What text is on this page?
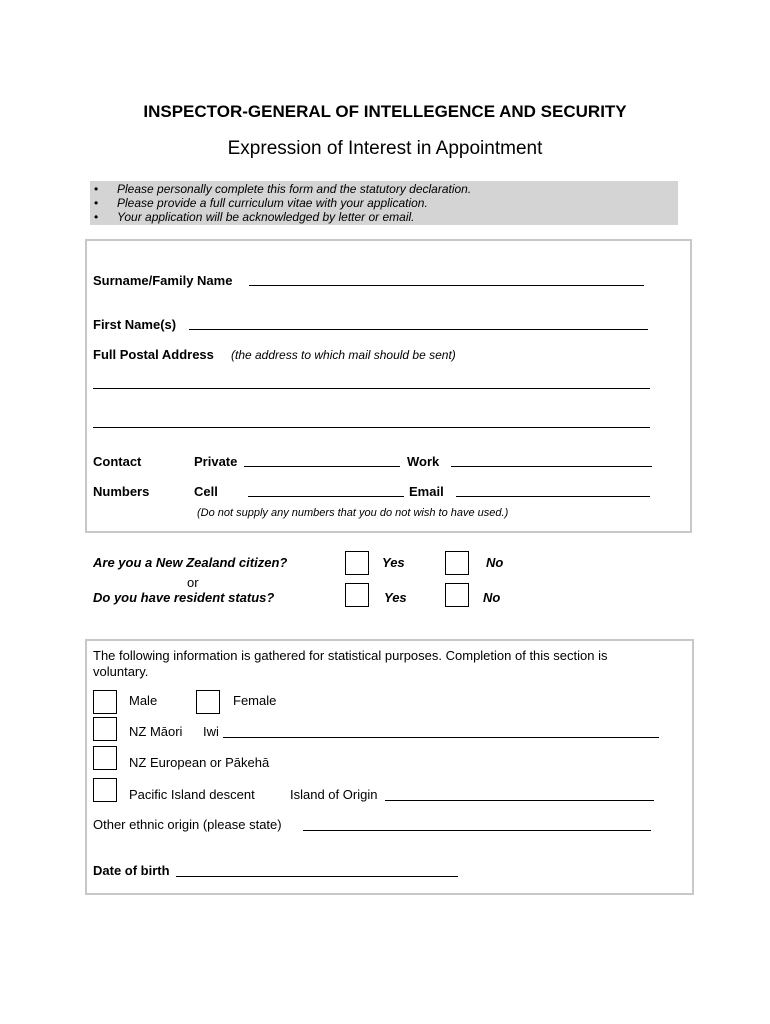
INSPECTOR-GENERAL OF INTELLEGENCE AND SECURITY
Expression of Interest in Appointment
• Please personally complete this form and the statutory declaration.
• Please provide a full curriculum vitae with your application.
• Your application will be acknowledged by letter or email.
Surname/Family Name
First Name(s)
Full Postal Address (the address to which mail should be sent)
Contact	Private	Work
Numbers	Cell	Email
(Do not supply any numbers that you do not wish to have used.)
Are you a New Zealand citizen?	Yes	No
or
Do you have resident status?	Yes	No
The following information is gathered for statistical purposes. Completion of this section is
voluntary.
Male	Female
NZ Māori Iwi
NZ European or Pākehā
Pacific Island descent	Island of Origin
Other ethnic origin (please state)
Date of birth
